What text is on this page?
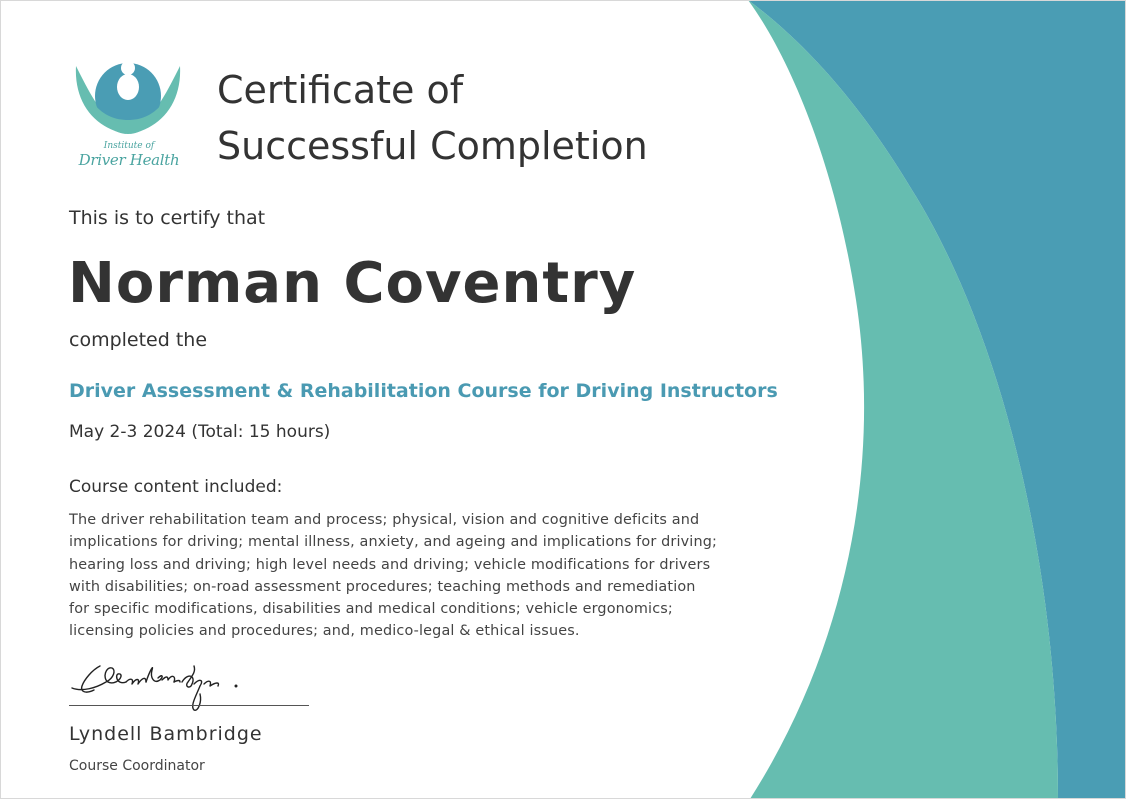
Institute of
Driver Health
Certificate of
Successful Completion
This is to certify that
Norman Coventry
completed the
Driver Assessment & Rehabilitation Course for Driving Instructors
May 2-3 2024 (Total: 15 hours)
Course content included:
The driver rehabilitation team and process; physical, vision and cognitive deficits and
implications for driving; mental illness, anxiety, and ageing and implications for driving;
hearing loss and driving; high level needs and driving; vehicle modifications for drivers
with disabilities; on-road assessment procedures; teaching methods and remediation
for specific modifications, disabilities and medical conditions; vehicle ergonomics;
licensing policies and procedures; and, medico-legal & ethical issues.
Lyndell Bambridge
Course Coordinator
